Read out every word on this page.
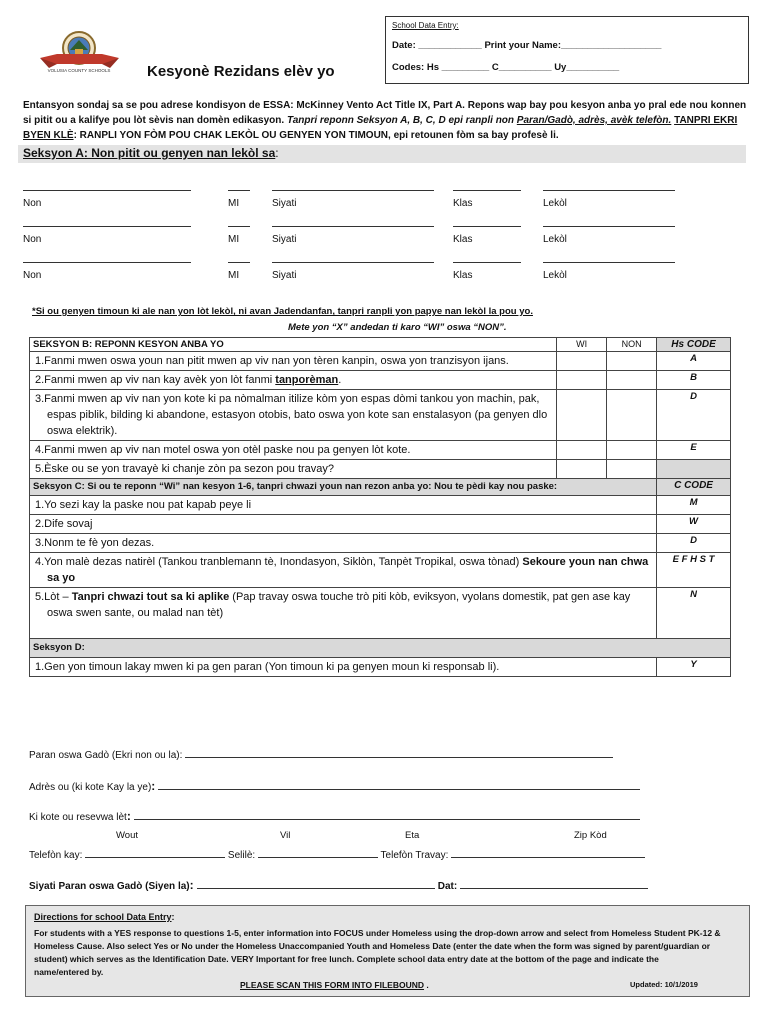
School Data Entry:
Date: ____________ Print your Name:___________________
Codes: Hs _________ C__________ Uy__________
VOLUSIA COUNTY SCHOOLS Kesyonè Rezidans elèv yo
Entansyon sondaj sa se pou adrese kondisyon de ESSA: McKinney Vento Act Title IX, Part A. Repons wap bay pou kesyon anba yo pral ede nou konnen si pitit ou a kalifye pou lòt sèvis nan domèn edikasyon. Tanpri reponn Seksyon A, B, C, D epi ranpli non Paran/Gadò, adrès, avèk telefòn. TANPRI EKRI BYEN KLÈ: RANPLI YON FÒM POU CHAK LEKÒL OU GENYEN YON TIMOUN, epi retounen fòm sa bay profesè li.
Seksyon A: Non pitit ou genyen nan lekòl sa:
Non	MI	Siyati	Klas	Lekòl
Non	MI	Siyati	Klas	Lekòl
Non	MI	Siyati	Klas	Lekòl
*Si ou genyen timoun ki ale nan yon lòt lekòl, ni avan Jadendanfan, tanpri ranpli yon papye nan lekòl la pou yo.
Mete yon “X” andedan ti karo “WI” oswa “NON”.
SEKSYON B: REPONN KESYON ANBA YO	WI	NON	Hs CODE

1.Fanmi mwen oswa youn nan pitit mwen ap viv nan yon tèren kanpin, oswa yon tranzisyon ijans.			A

2.Fanmi mwen ap viv nan kay avèk yon lòt fanmi tanporèman.			B

3.Fanmi mwen ap viv nan yon kote ki pa nòmalman itilize kòm yon espas dòmi tankou yon machin, pak, espas piblik, bilding ki abandone, estasyon otobis, bato oswa yon kote san enstalasyon (pa genyen dlo oswa elektrik).			D

4.Fanmi mwen ap viv nan motel oswa yon otèl paske nou pa genyen lòt kote.			E

5.Èske ou se yon travayè ki chanje zòn pa sezon pou travay?			

Seksyon C: Si ou te reponn “Wi” nan kesyon 1-6, tanpri chwazi youn nan rezon anba yo: Nou te pèdi kay nou paske:			C CODE

1.Yo sezi kay la paske nou pat kapab peye li			M

2.Dife sovaj			W

3.Nonm te fè yon dezas.			D

4.Yon malè dezas natirèl (Tankou tranblemann tè, Inondasyon, Siklòn, Tanpèt Tropikal, oswa tònad) Sekoure youn nan chwa sa yo			E F H S T

5.Lòt – Tanpri chwazi tout sa ki aplike (Pap travay oswa touche trò piti kòb, eviksyon, vyolans domestik, pat gen ase kay oswa swen sante, ou malad nan tèt)			N
Seksyon D:			

1.Gen yon timoun lakay mwen ki pa gen paran (Yon timoun ki pa genyen moun ki responsab li).			Y
Paran oswa Gadò (Ekri non ou la):
Adrès ou (ki kote Kay la ye):
Ki kote ou resevwa lèt:
Wout	Vil	Eta	Zip Kòd
Telefòn kay:	Selilè:	Telefòn Travay:
Siyati Paran oswa Gadò (Siyen la):	Dat:
Directions for school Data Entry:
For students with a YES response to questions 1-5, enter information into FOCUS under Homeless using the drop-down arrow and select from Homeless Student PK-12 &
Homeless Cause. Also select Yes or No under the Homeless Unaccompanied Youth and Homeless Date (enter the date when the form was signed by parent/guardian or
student) which serves as the Identification Date. VERY Important for free lunch. Complete school data entry date at the bottom of the page and indicate the
name/entered by.
PLEASE SCAN THIS FORM INTO FILEBOUND .	Updated: 10/1/2019
